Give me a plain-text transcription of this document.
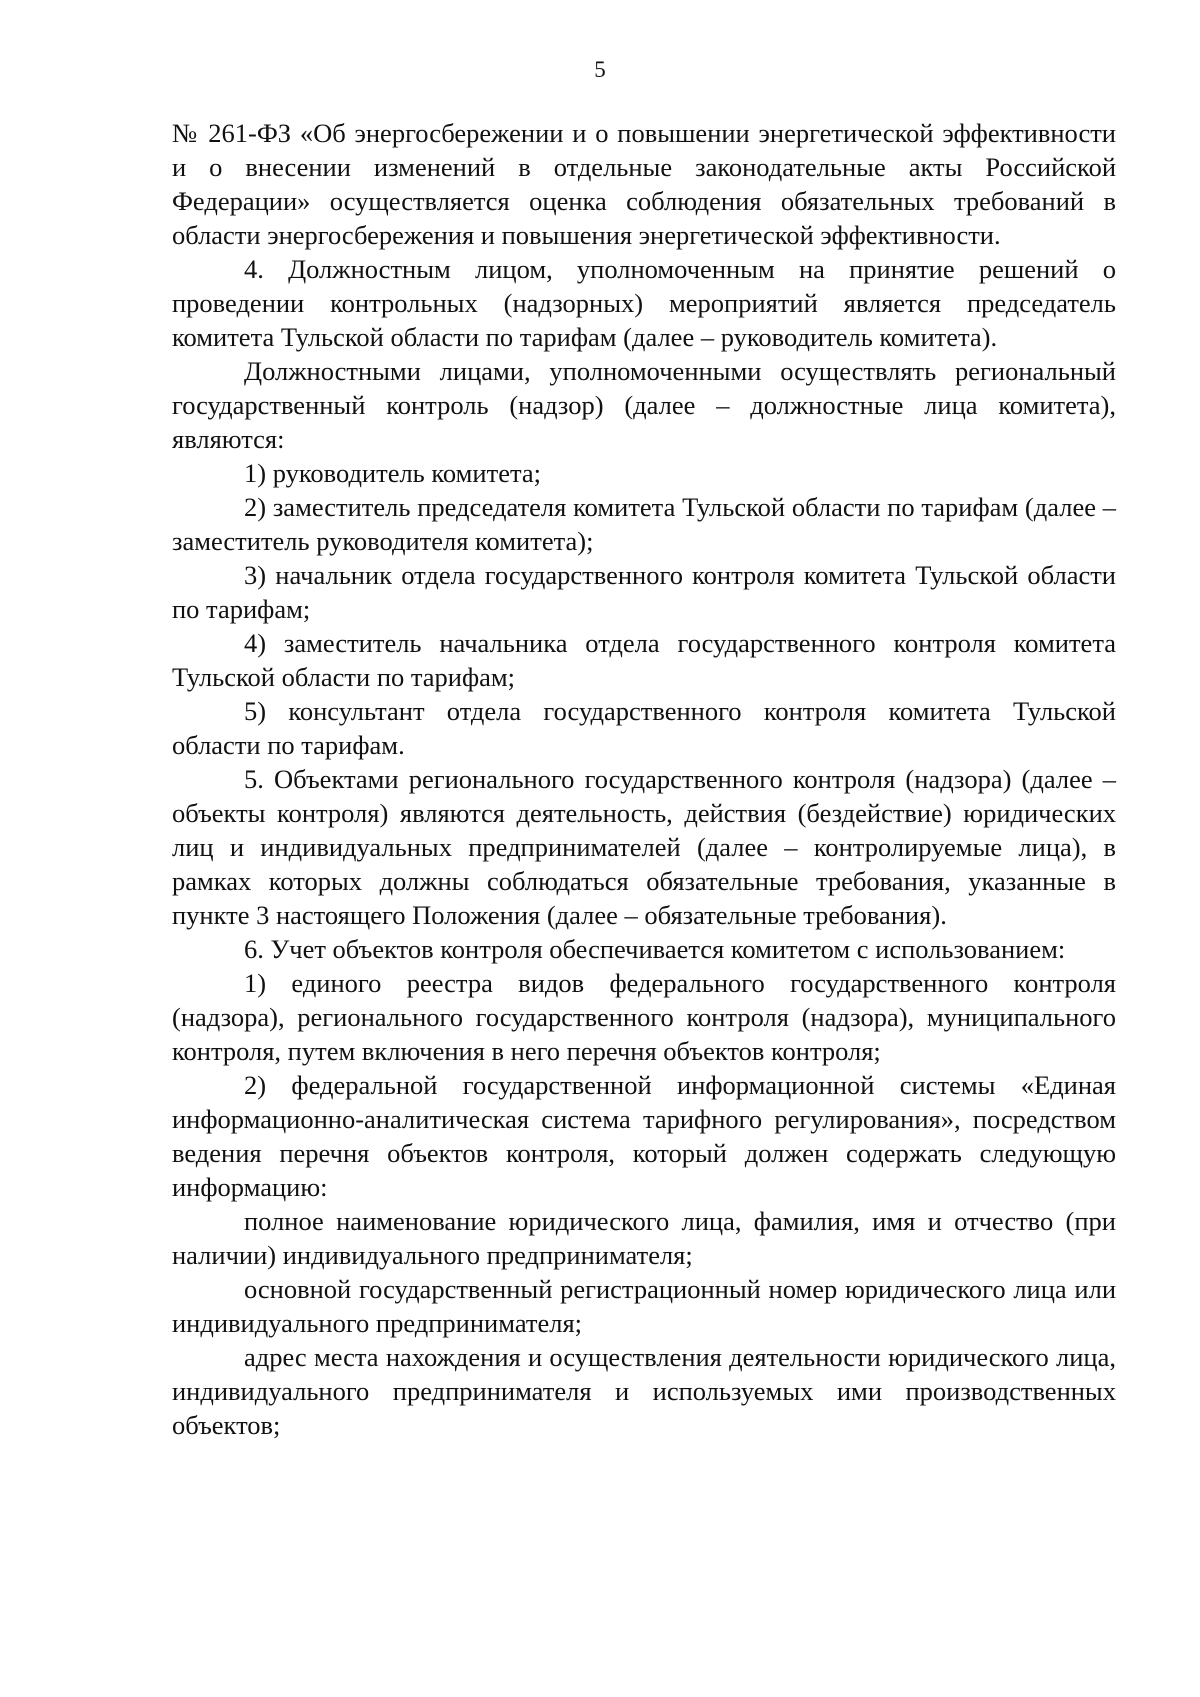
5

№ 261-ФЗ «Об энергосбережении и о повышении энергетической эффективности и о внесении изменений в отдельные законодательные акты Российской Федерации» осуществляется оценка соблюдения обязательных требований в области энергосбережения и повышения энергетической эффективности.

4. Должностным лицом, уполномоченным на принятие решений о проведении контрольных (надзорных) мероприятий является председатель комитета Тульской области по тарифам (далее – руководитель комитета).

Должностными лицами, уполномоченными осуществлять региональный государственный контроль (надзор) (далее – должностные лица комитета), являются:

1) руководитель комитета;

2) заместитель председателя комитета Тульской области по тарифам (далее – заместитель руководителя комитета);

3) начальник отдела государственного контроля комитета Тульской области по тарифам;

4) заместитель начальника отдела государственного контроля комитета Тульской области по тарифам;

5) консультант отдела государственного контроля комитета Тульской области по тарифам.

5. Объектами регионального государственного контроля (надзора) (далее – объекты контроля) являются деятельность, действия (бездействие) юридических лиц и индивидуальных предпринимателей (далее – контролируемые лица), в рамках которых должны соблюдаться обязательные требования, указанные в пункте 3 настоящего Положения (далее – обязательные требования).

6. Учет объектов контроля обеспечивается комитетом с использованием:

1) единого реестра видов федерального государственного контроля (надзора), регионального государственного контроля (надзора), муниципального контроля, путем включения в него перечня объектов контроля;

2) федеральной государственной информационной системы «Единая информационно-аналитическая система тарифного регулирования», посредством ведения перечня объектов контроля, который должен содержать следующую информацию:

полное наименование юридического лица, фамилия, имя и отчество (при наличии) индивидуального предпринимателя;

основной государственный регистрационный номер юридического лица или индивидуального предпринимателя;

адрес места нахождения и осуществления деятельности юридического лица, индивидуального предпринимателя и используемых ими производственных объектов;
